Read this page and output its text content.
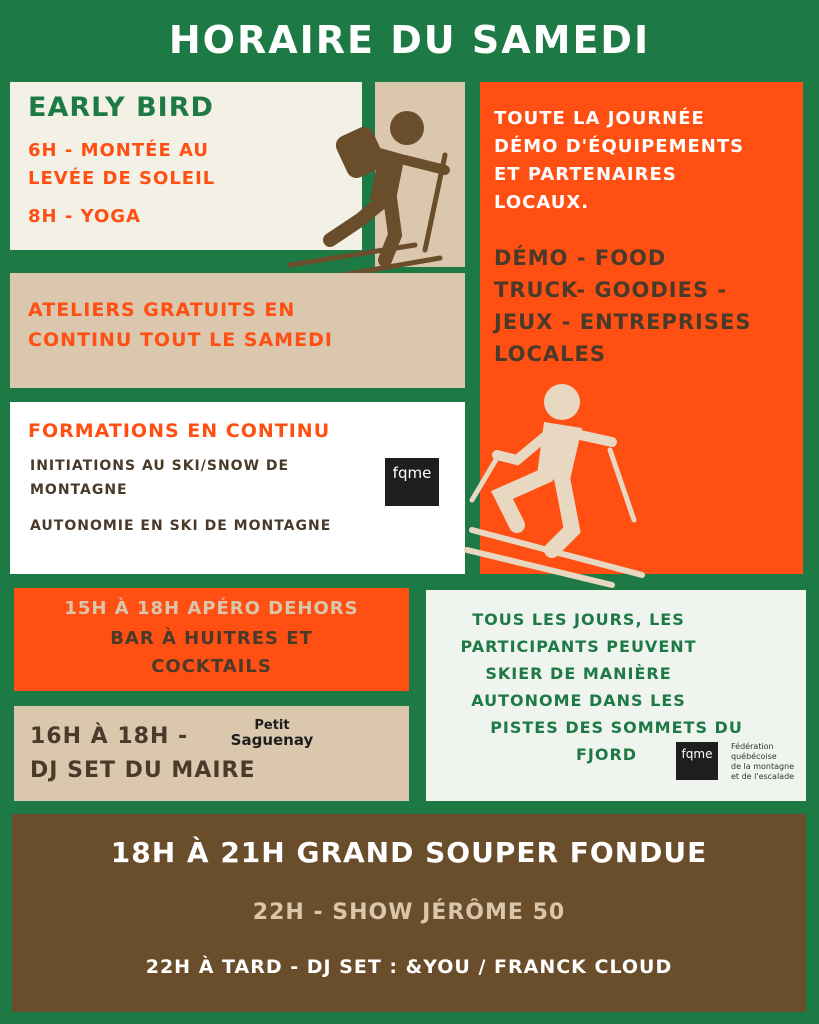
HORAIRE DU SAMEDI
EARLY BIRD
6H - MONTÉE AU
LEVÉE DE SOLEIL
8H - YOGA
ATELIERS GRATUITS EN
CONTINU TOUT LE SAMEDI
TOUTE LA JOURNÉE
DÉMO D'ÉQUIPEMENTS
ET PARTENAIRES
LOCAUX.
DÉMO - FOOD
TRUCK- GOODIES -
JEUX - ENTREPRISES
LOCALES
FORMATIONS EN CONTINU
INITIATIONS AU SKI/SNOW DE
MONTAGNE
AUTONOMIE EN SKI DE MONTAGNE
fqme
15H À 18H APÉRO DEHORS
BAR À HUITRES ET
COCKTAILS
16H À 18H -	Petit
Saguenay
DJ SET DU MAIRE
TOUS LES JOURS, LES
PARTICIPANTS PEUVENT
SKIER DE MANIÈRE
AUTONOME DANS LES
PISTES DES SOMMETS DU
FJORD	fqme
Fédération
québécoise
de la montagne
et de l'escalade
18H À 21H GRAND SOUPER FONDUE
22H - SHOW JÉRÔME 50
22H À TARD - DJ SET : &YOU / FRANCK CLOUD
